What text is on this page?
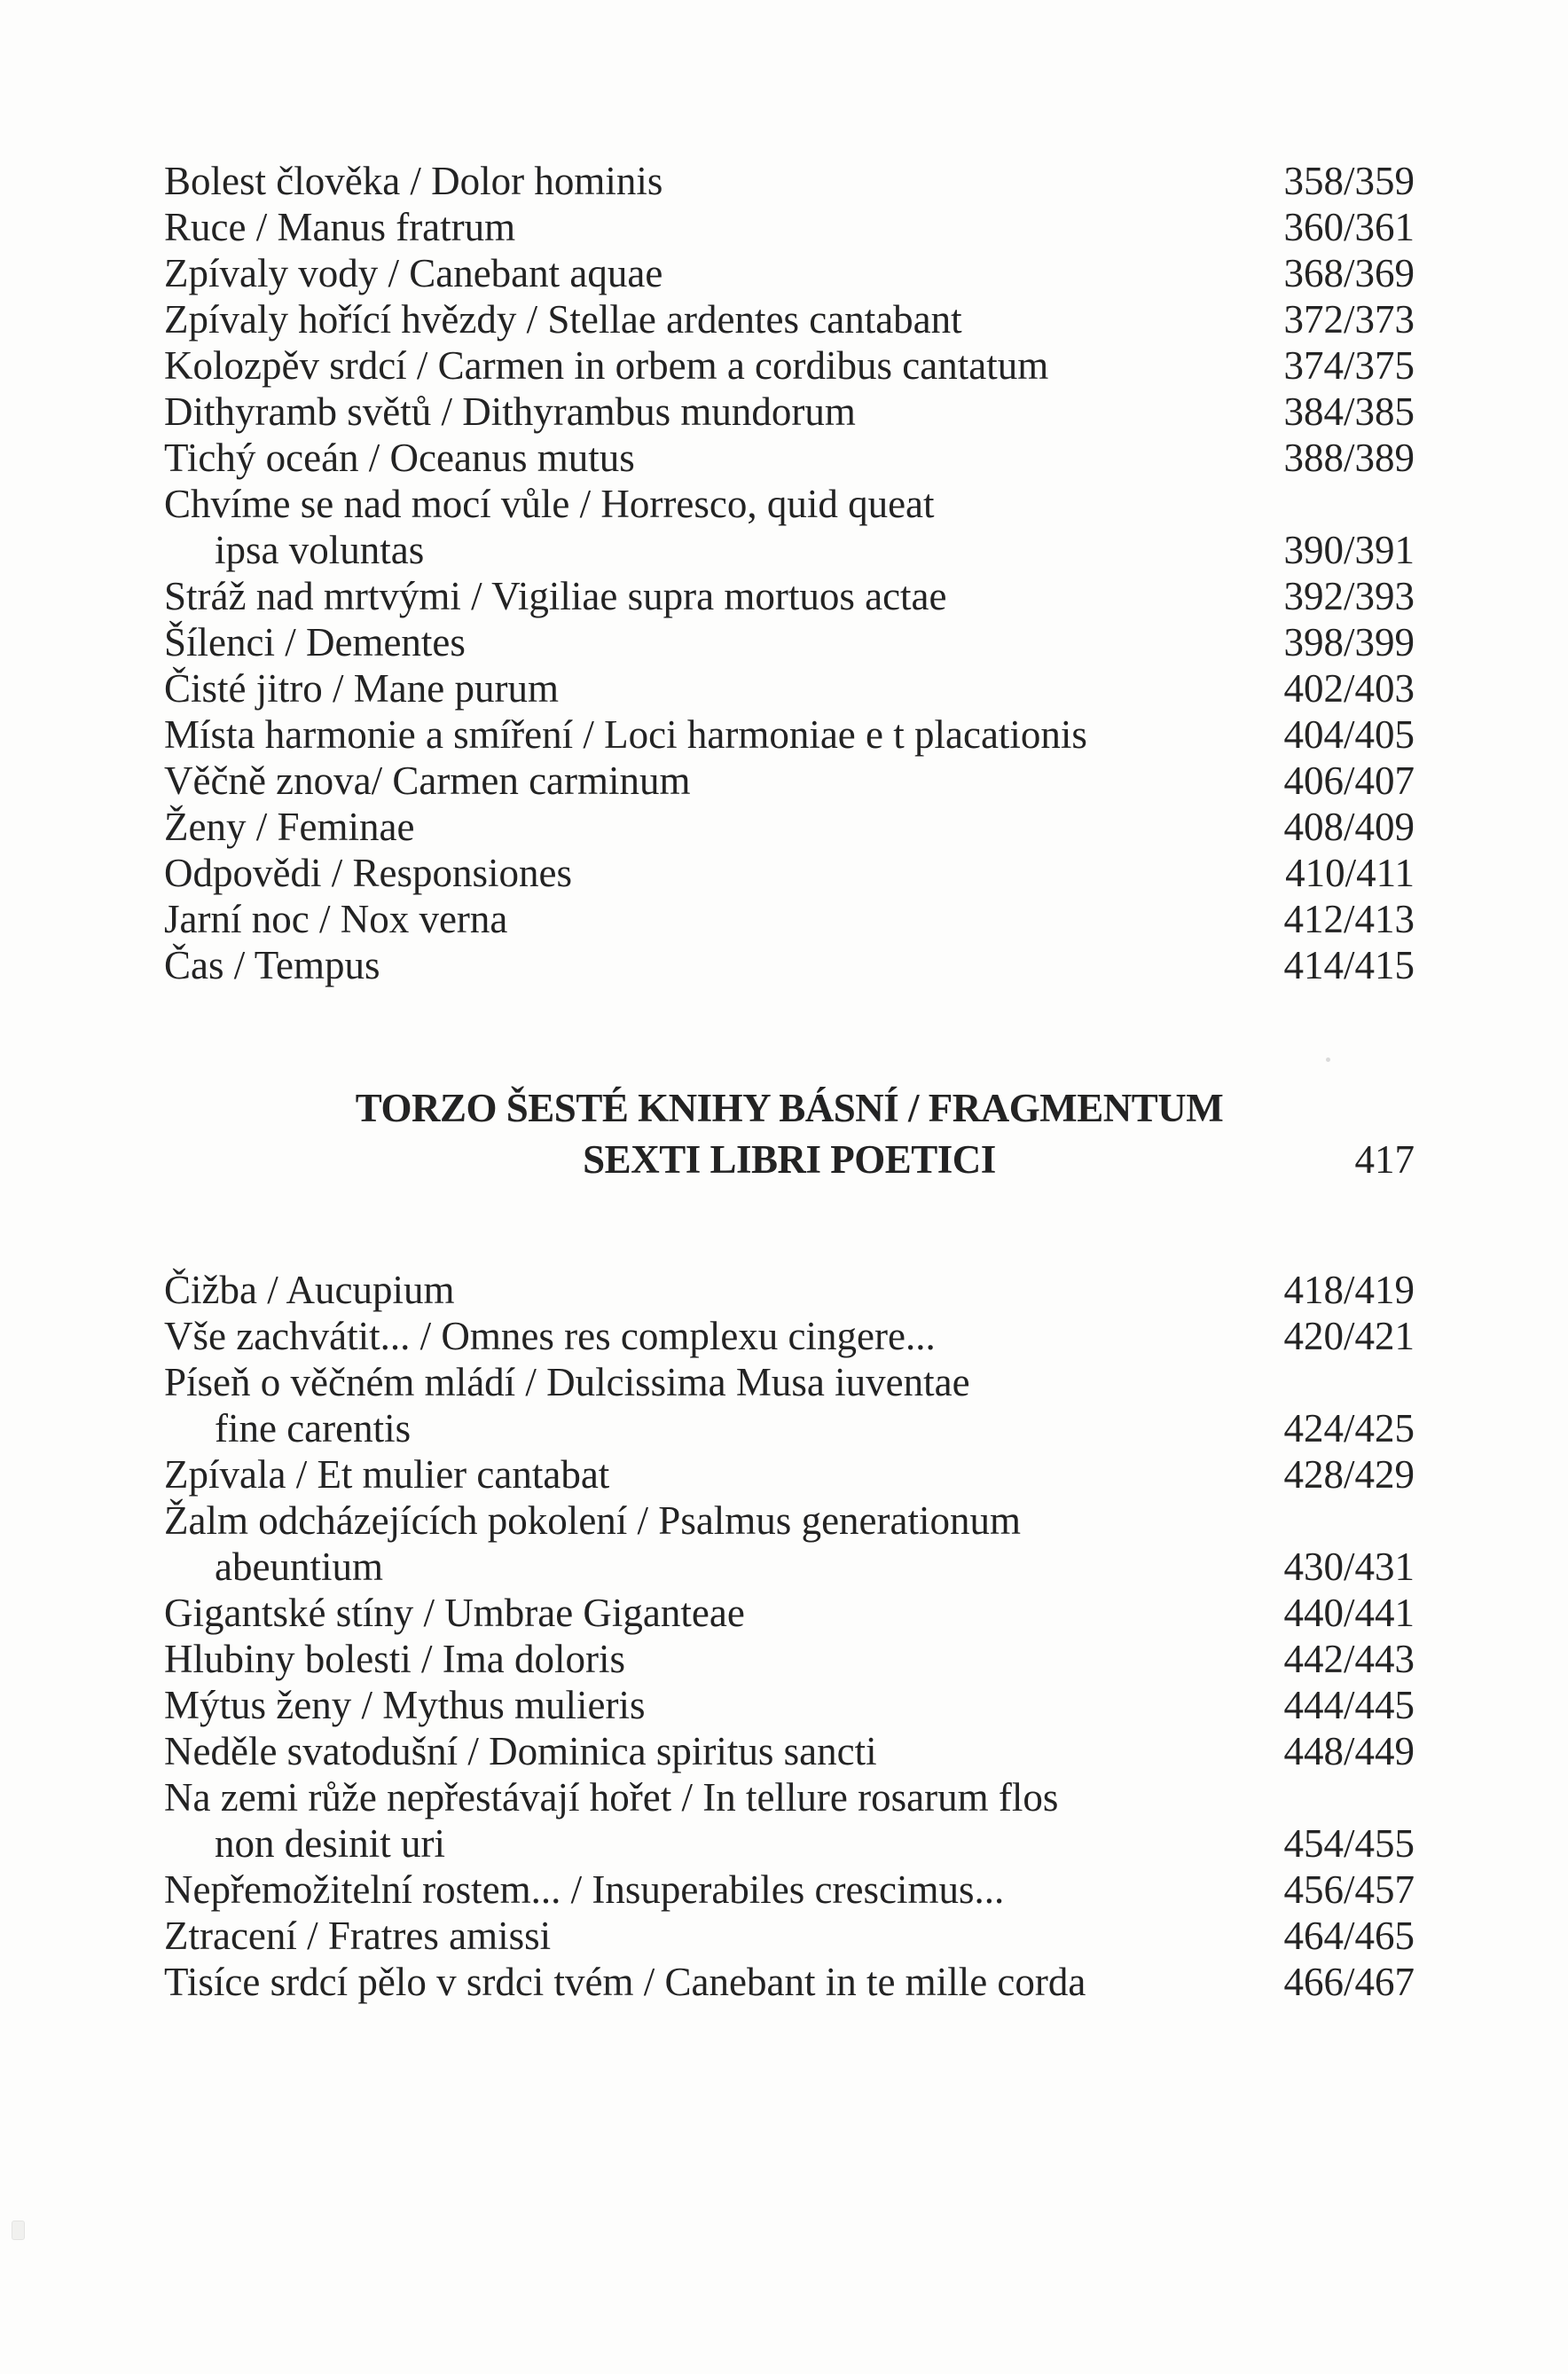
Bolest člověka / Dolor hominis	358/359
Ruce / Manus fratrum	360/361
Zpívaly vody / Canebant aquae	368/369
Zpívaly hořící hvězdy / Stellae ardentes cantabant	372/373
Kolozpěv srdcí / Carmen in orbem a cordibus cantatum	374/375
Dithyramb světů / Dithyrambus mundorum	384/385
Tichý oceán / Oceanus mutus	388/389
Chvíme se nad mocí vůle / Horresco, quid queat
ipsa voluntas	390/391
Stráž nad mrtvými / Vigiliae supra mortuos actae	392/393
Šílenci / Dementes	398/399
Čisté jitro / Mane purum	402/403
Místa harmonie a smíření / Loci harmoniae e t placationis	404/405
Věčně znova/ Carmen carminum	406/407
Ženy / Feminae	408/409
Odpovědi / Responsiones	410/411
Jarní noc / Nox verna	412/413
Čas / Tempus	414/415
TORZO ŠESTÉ KNIHY BÁSNÍ / FRAGMENTUM
SEXTI LIBRI POETICI	417
Čižba / Aucupium	418/419
Vše zachvátit... / Omnes res complexu cingere...	420/421
Píseň o věčném mládí / Dulcissima Musa iuventae
fine carentis	424/425
Zpívala / Et mulier cantabat	428/429
Žalm odcházejících pokolení / Psalmus generationum
abeuntium	430/431
Gigantské stíny / Umbrae Giganteae	440/441
Hlubiny bolesti / Ima doloris	442/443
Mýtus ženy / Mythus mulieris	444/445
Neděle svatodušní / Dominica spiritus sancti	448/449
Na zemi růže nepřestávají hořet / In tellure rosarum flos
non desinit uri	454/455
Nepřemožitelní rostem... / Insuperabiles crescimus...	456/457
Ztracení / Fratres amissi	464/465
Tisíce srdcí pělo v srdci tvém / Canebant in te mille corda	466/467
